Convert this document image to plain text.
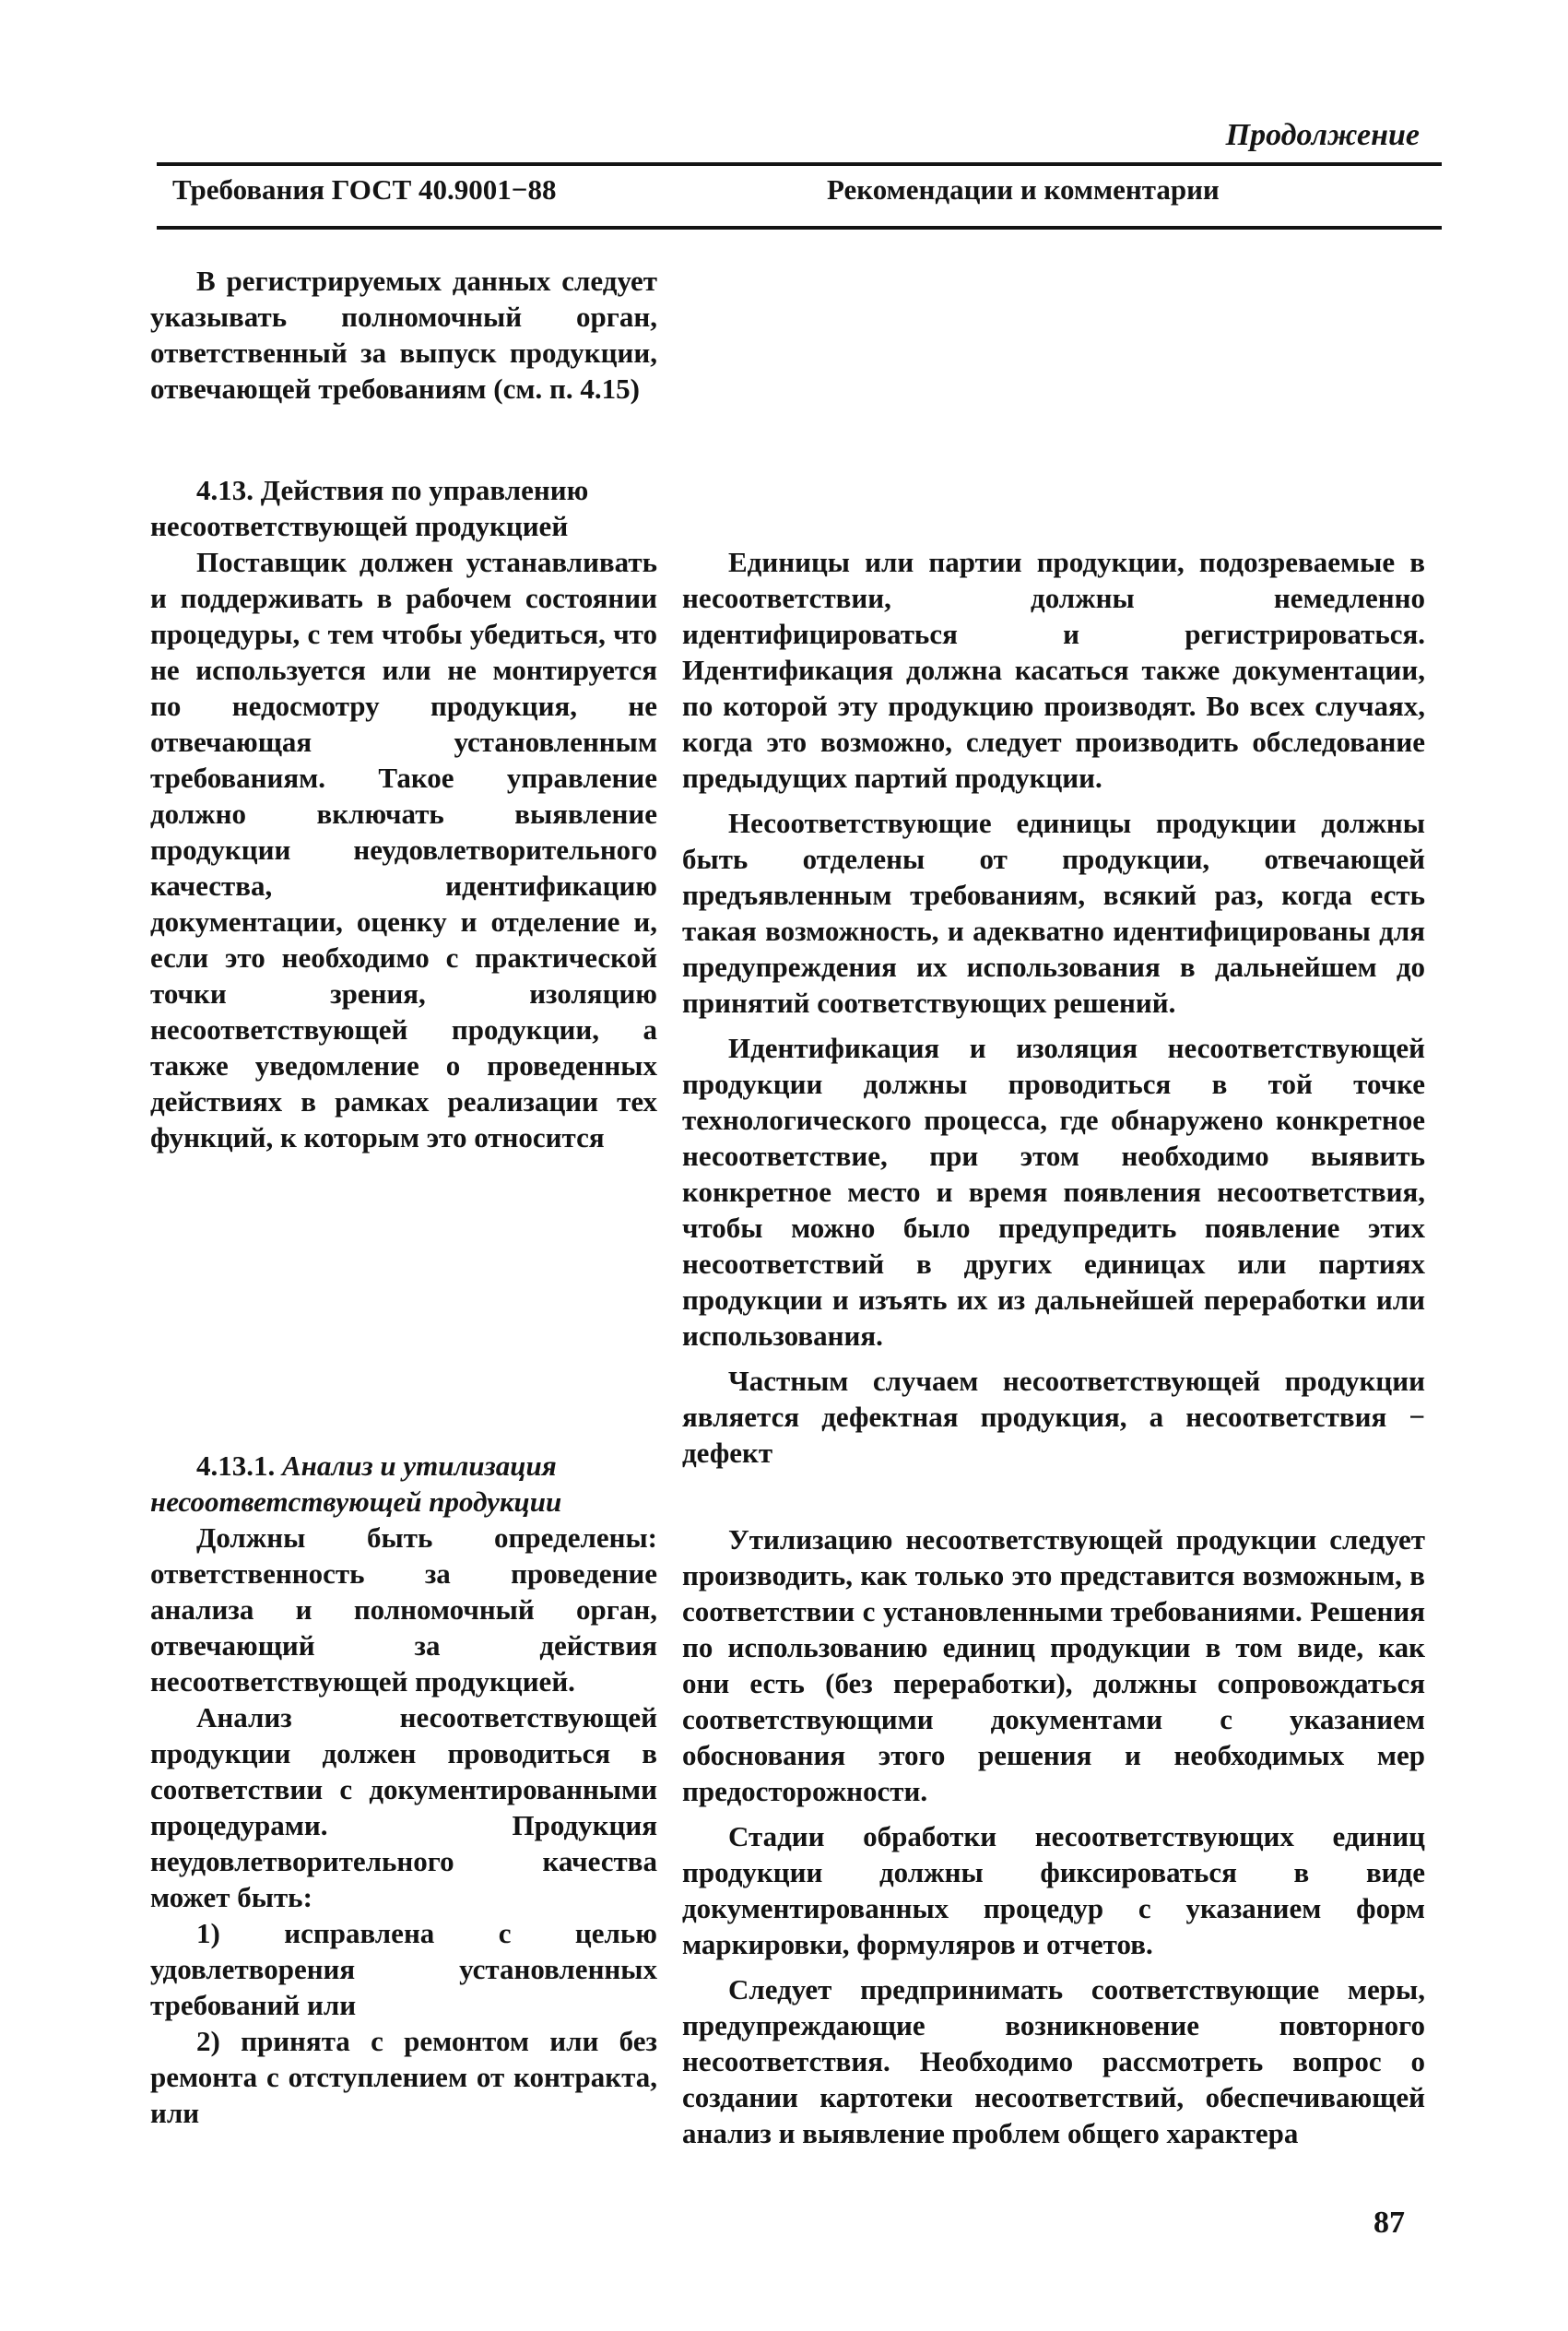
Продолжение
Требования ГОСТ 40.9001−88	Рекомендации и комментарии

В регистрируемых данных следует указывать полномочный орган, ответственный за выпуск продукции, отвечающей требованиям (см. п. 4.15)

4.13. Действия по управлению несоответствующей продукцией

Поставщик должен устанавливать и поддерживать в рабочем состоянии процедуры, с тем чтобы убедиться, что не используется или не монтируется по недосмотру продукция, не отвечающая установленным требованиям. Такое управление должно включать выявление продукции неудовлетворительного качества, идентификацию документации, оценку и отделение и, если это необходимо с практической точки зрения, изоляцию несоответствующей продукции, а также уведомление о проведенных действиях в рамках реализации тех функций, к которым это относится

4.13.1. Анализ и утилизация несоответствующей продукции

Должны быть определены: ответственность за проведение анализа и полномочный орган, отвечающий за действия несоответствующей продукцией.

Анализ несоответствующей продукции должен проводиться в соответствии с документированными процедурами. Продукция неудовлетворительного качества может быть:

1) исправлена с целью удовлетворения установленных требований или

2) принята с ремонтом или без ремонта с отступлением от контракта, или

Единицы или партии продукции, подозреваемые в несоответствии, должны немедленно идентифицироваться и регистрироваться. Идентификация должна касаться также документации, по которой эту продукцию производят. Во всех случаях, когда это возможно, следует производить обследование предыдущих партий продукции.

Несоответствующие единицы продукции должны быть отделены от продукции, отвечающей предъявленным требованиям, всякий раз, когда есть такая возможность, и адекватно идентифицированы для предупреждения их использования в дальнейшем до принятий соответствующих решений.

Идентификация и изоляция несоответствующей продукции должны проводиться в той точке технологического процесса, где обнаружено конкретное несоответствие, при этом необходимо выявить конкретное место и время появления несоответствия, чтобы можно было предупредить появление этих несоответствий в других единицах или партиях продукции и изъять их из дальнейшей переработки или использования.

Частным случаем несоответствующей продукции является дефектная продукция, а несоответствия − дефект

Утилизацию несоответствующей продукции следует производить, как только это представится возможным, в соответствии с установленными требованиями. Решения по использованию единиц продукции в том виде, как они есть (без переработки), должны сопровождаться соответствующими документами с указанием обоснования этого решения и необходимых мер предосторожности.

Стадии обработки несоответствующих единиц продукции должны фиксироваться в виде документированных процедур с указанием форм маркировки, формуляров и отчетов.

Следует предпринимать соответствующие меры, предупреждающие возникновение повторного несоответствия. Необходимо рассмотреть вопрос о создании картотеки несоответствий, обеспечивающей анализ и выявление проблем общего характера

87
